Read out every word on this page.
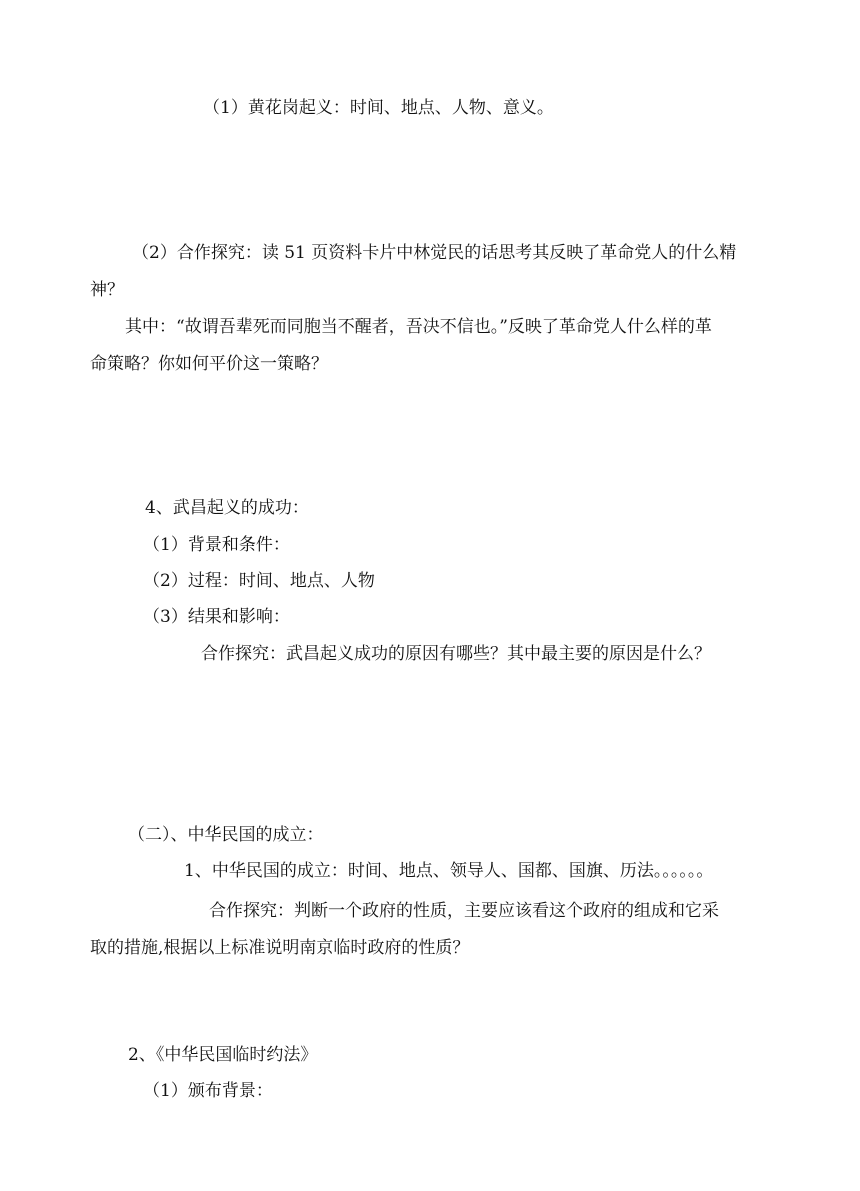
（1）黄花岗起义：时间、地点、人物、意义。
（2）合作探究：读 51 页资料卡片中林觉民的话思考其反映了革命党人的什么精
神？
其中：“故谓吾辈死而同胞当不醒者，吾决不信也。”反映了革命党人什么样的革
命策略？你如何平价这一策略？
4、武昌起义的成功：
（1）背景和条件：
（2）过程：时间、地点、人物
（3）结果和影响：
合作探究：武昌起义成功的原因有哪些？其中最主要的原因是什么？
（二）、中华民国的成立：
1、中华民国的成立：时间、地点、领导人、国都、国旗、历法。。。。。。
合作探究：判断一个政府的性质，主要应该看这个政府的组成和它采
取的措施,根据以上标准说明南京临时政府的性质？
2、《中华民国临时约法》
（1）颁布背景：
